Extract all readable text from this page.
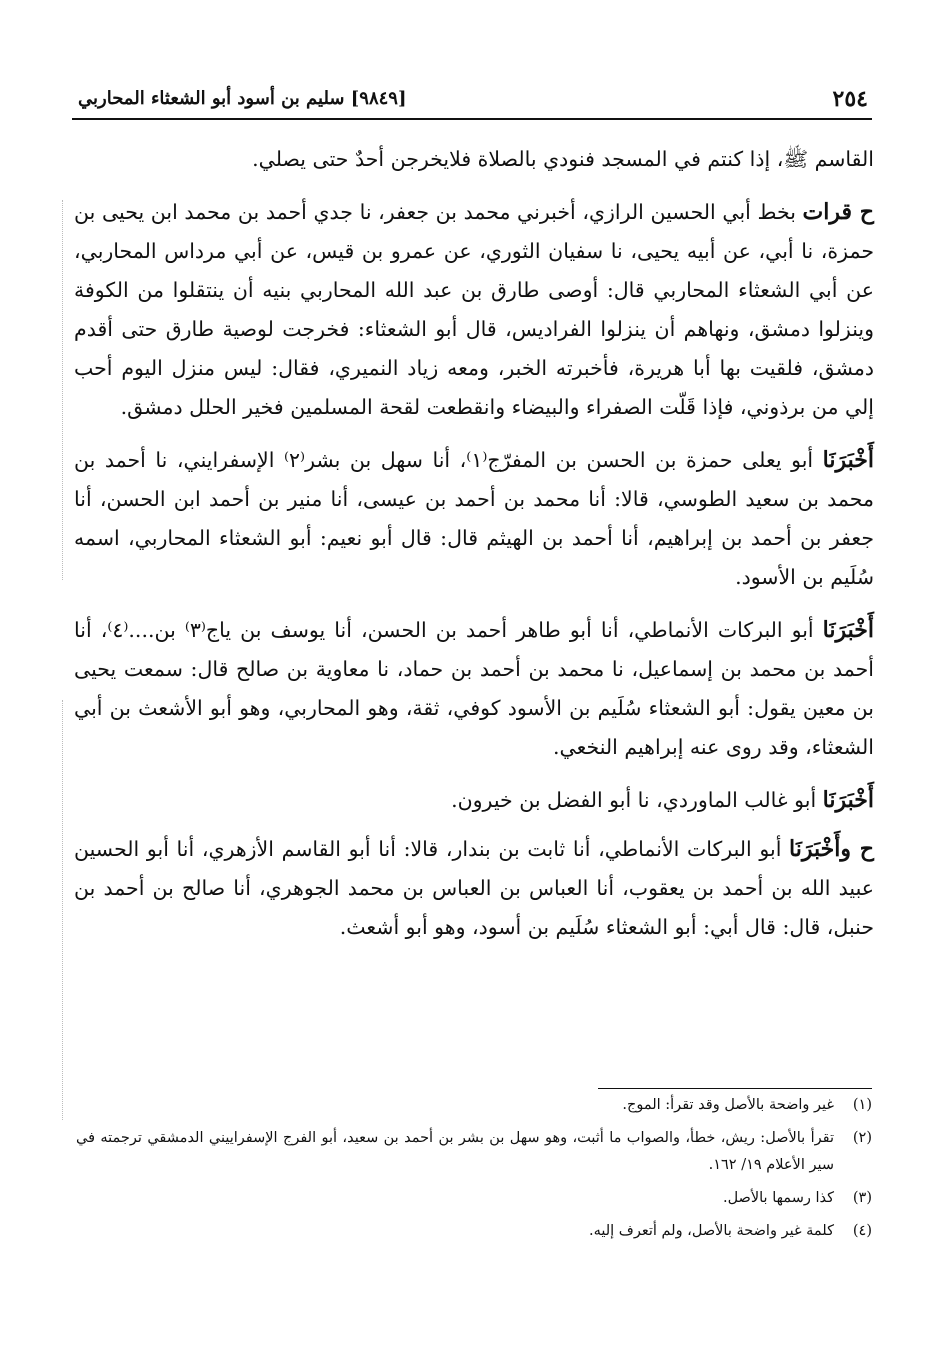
٢٥٤
[٩٨٤٩] سليم بن أسود أبو الشعثاء المحاربي

القاسم ﷺ، إذا كنتم في المسجد فنودي بالصلاة فلايخرجن أحدٌ حتى يصلي.

ح قرات بخط أبي الحسين الرازي، أخبرني محمد بن جعفر، نا جدي أحمد بن محمد ابن يحيى بن حمزة، نا أبي، عن أبيه يحيى، نا سفيان الثوري، عن عمرو بن قيس، عن أبي مرداس المحاربي، عن أبي الشعثاء المحاربي قال: أوصى طارق بن عبد الله المحاربي بنيه أن ينتقلوا من الكوفة وينزلوا دمشق، ونهاهم أن ينزلوا الفراديس، قال أبو الشعثاء: فخرجت لوصية طارق حتى أقدم دمشق، فلقيت بها أبا هريرة، فأخبرته الخبر، ومعه زياد النميري، فقال: ليس منزل اليوم أحب إلي من برذوني، فإذا قَلّت الصفراء والبيضاء وانقطعت لقحة المسلمين فخير الحلل دمشق.

أَخْبَرَنَا أبو يعلى حمزة بن الحسن بن المفرّج⁽١⁾، أنا سهل بن بشر⁽٢⁾ الإسفرايني، نا أحمد بن محمد بن سعيد الطوسي، قالا: أنا محمد بن أحمد بن عيسى، أنا منير بن أحمد ابن الحسن، أنا جعفر بن أحمد بن إبراهيم، أنا أحمد بن الهيثم قال: قال أبو نعيم: أبو الشعثاء المحاربي، اسمه سُلَيم بن الأسود.

أَخْبَرَنَا أبو البركات الأنماطي، أنا أبو طاهر أحمد بن الحسن، أنا يوسف بن ياج⁽٣⁾ بن....⁽٤⁾، أنا أحمد بن محمد بن إسماعيل، نا محمد بن أحمد بن حماد، نا معاوية بن صالح قال: سمعت يحيى بن معين يقول: أبو الشعثاء سُلَيم بن الأسود كوفي، ثقة، وهو المحاربي، وهو أبو الأشعث بن أبي الشعثاء، وقد روى عنه إبراهيم النخعي.

أَخْبَرَنَا أبو غالب الماوردي، نا أبو الفضل بن خيرون.

ح وأَخْبَرَنَا أبو البركات الأنماطي، أنا ثابت بن بندار، قالا: أنا أبو القاسم الأزهري، أنا أبو الحسين عبيد الله بن أحمد بن يعقوب، أنا العباس بن العباس بن محمد الجوهري، أنا صالح بن أحمد بن حنبل، قال: قال أبي: أبو الشعثاء سُلَيم بن أسود، وهو أبو أشعث.

(١)
غير واضحة بالأصل وقد تقرأ: الموج.
(٢)
تقرأ بالأصل: ريش، خطأ، والصواب ما أثبت، وهو سهل بن بشر بن أحمد بن سعيد، أبو الفرج الإسفراييني الدمشقي ترجمته في سير الأعلام ١٩/ ١٦٢.
(٣)
كذا رسمها بالأصل.
(٤)
كلمة غير واضحة بالأصل، ولم أتعرف إليه.
